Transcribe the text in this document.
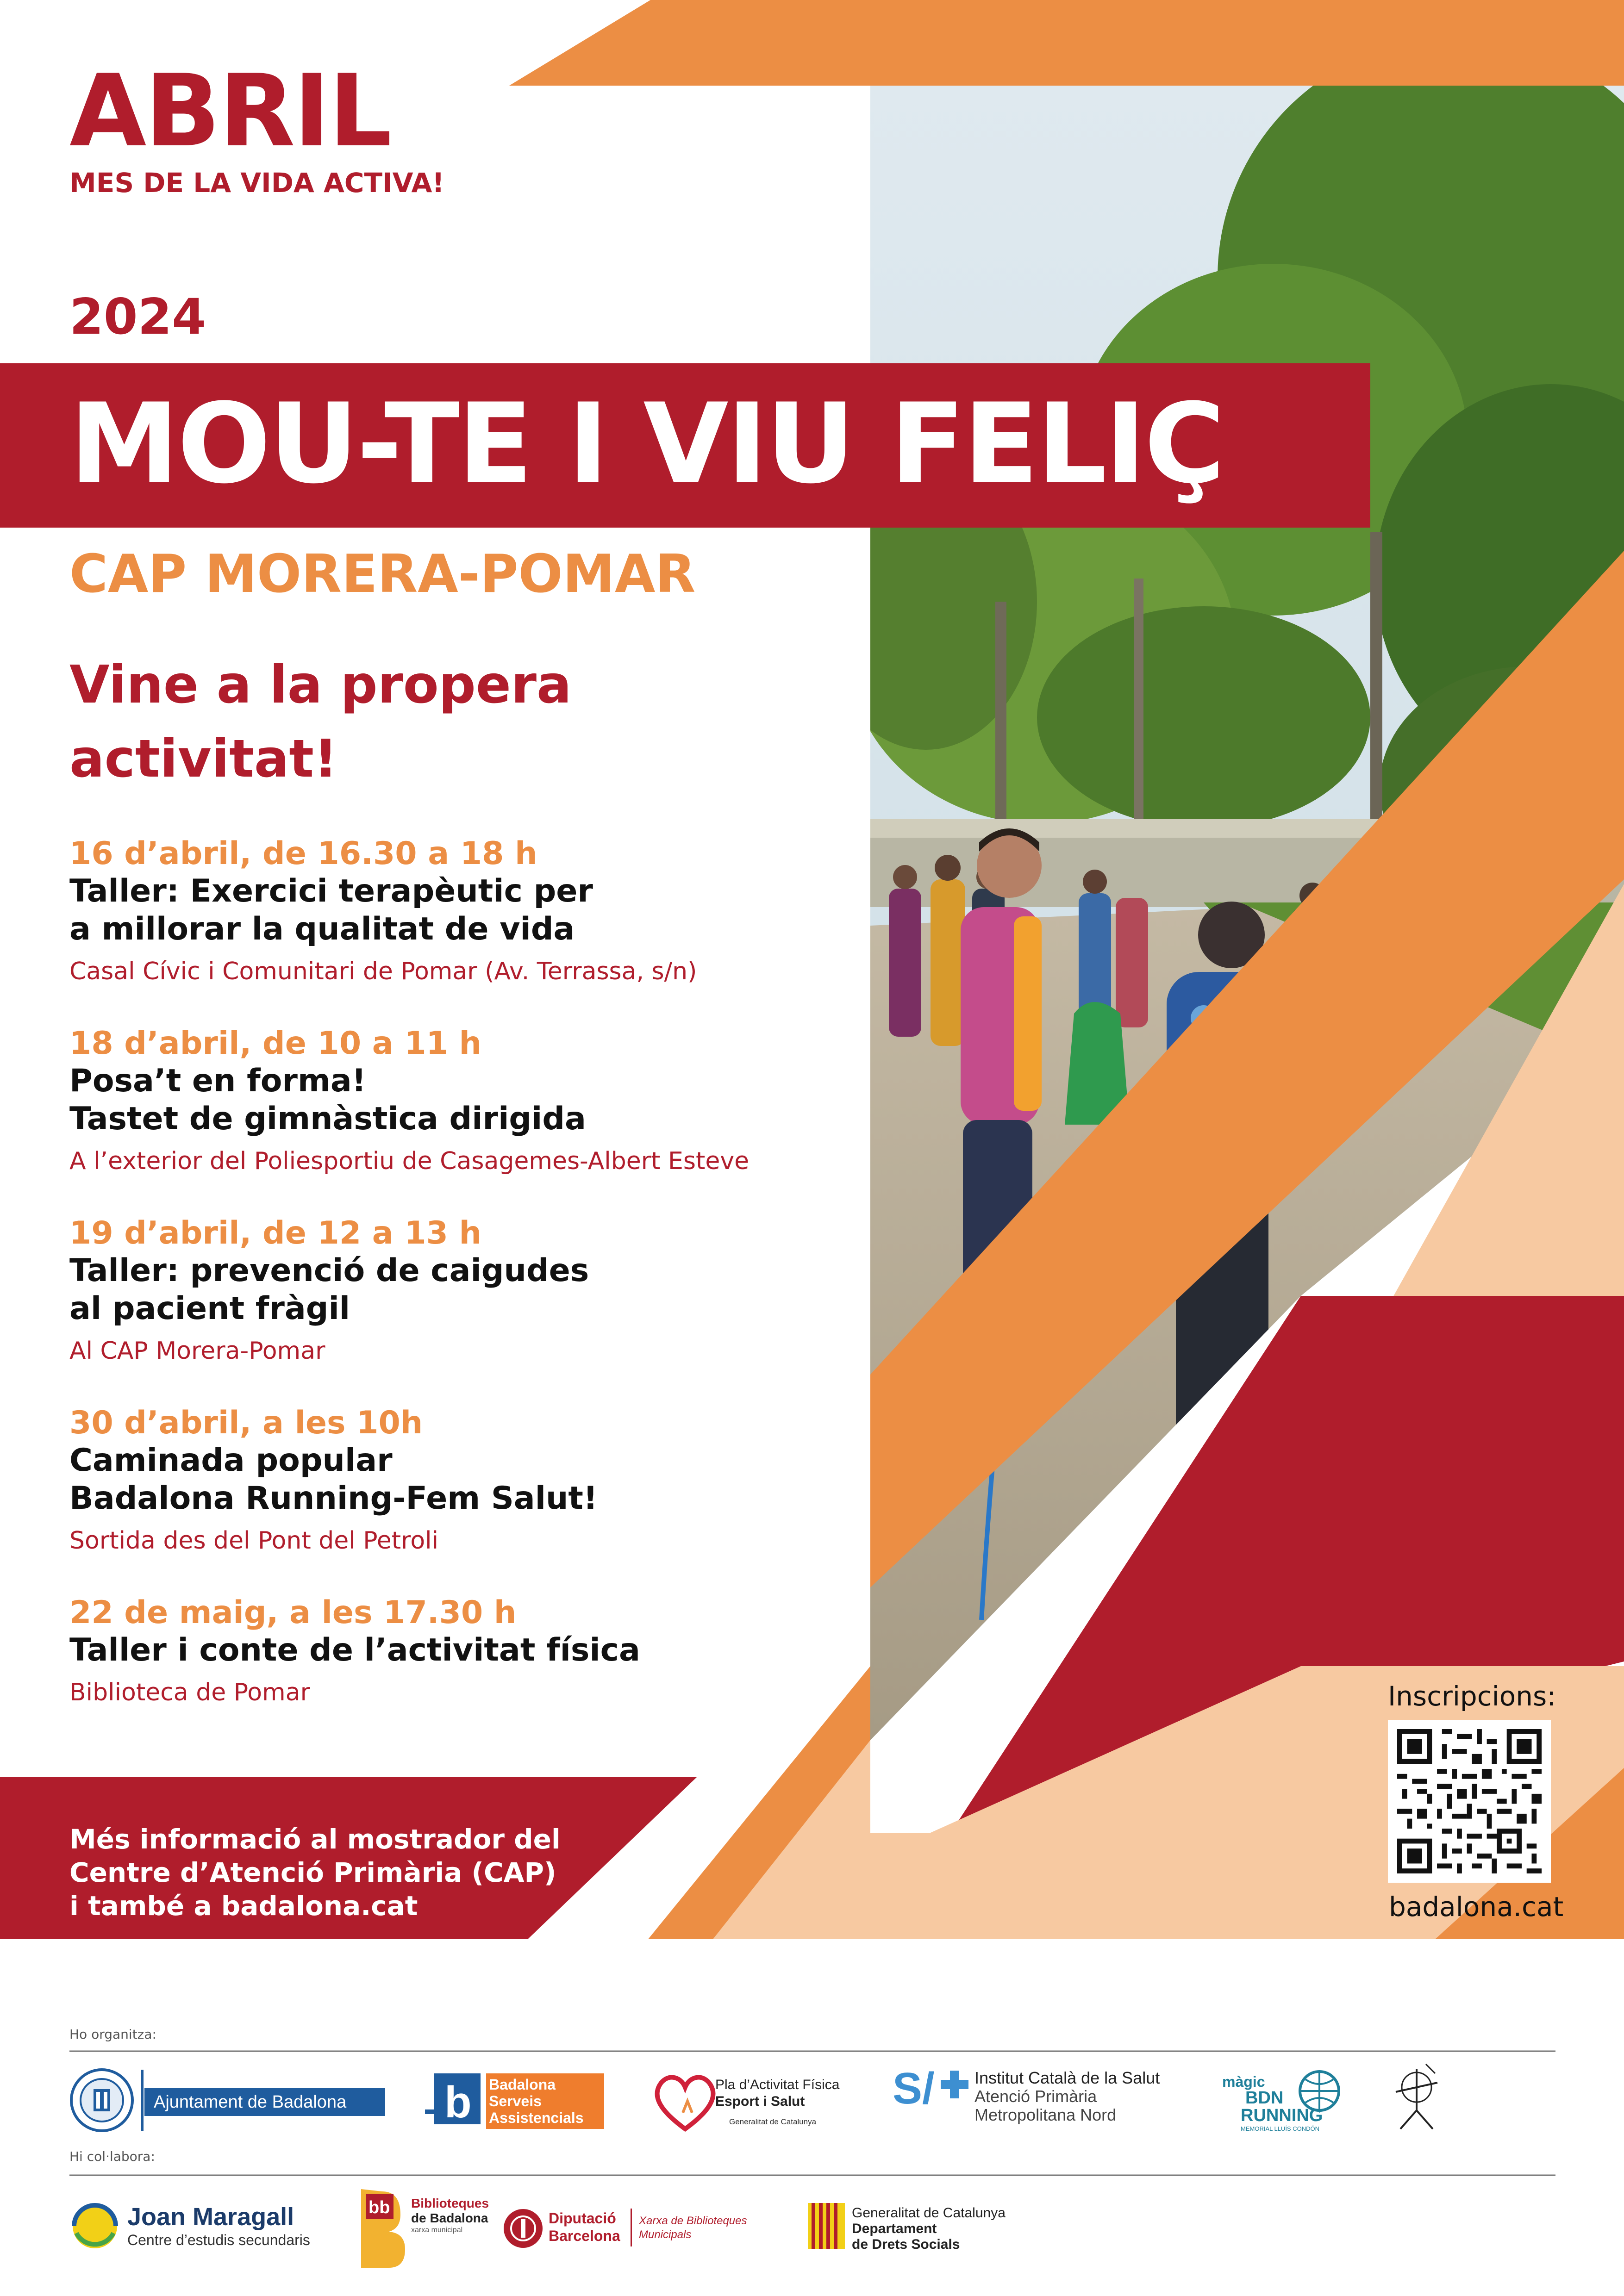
ABRIL
MES DE LA VIDA ACTIVA!
2024
MOU-TE I VIU FELIÇ
CAP MORERA-POMAR
Vine a la propera
activitat!
16 d’abril, de 16.30 a 18 h
Taller: Exercici terapèutic per
a millorar la qualitat de vida
Casal Cívic i Comunitari de Pomar (Av. Terrassa, s/n)
18 d’abril, de 10 a 11 h
Posa’t en forma!
Tastet de gimnàstica dirigida
A l’exterior del Poliesportiu de Casagemes-Albert Esteve
19 d’abril, de 12 a 13 h
Taller: prevenció de caigudes
al pacient fràgil
Al CAP Morera-Pomar
30 d’abril, a les 10h
Caminada popular
Badalona Running-Fem Salut!
Sortida des del Pont del Petroli
22 de maig, a les 17.30 h
Taller i conte de l’activitat física
Biblioteca de Pomar
Més informació al mostrador del
Centre d’Atenció Primària (CAP)
i també a badalona.cat
Inscripcions:
badalona.cat
Ho organitza:
Ajuntament de Badalona b Badalona
Serveis
Assistencials
Pla d’Activitat Física
Esport i Salut
Generalitat de Catalunya
S/ Institut Català de la Salut
Atenció Primària
Metropolitana Nord
màgic
BDN
RUNNING
MEMORIAL LLUÍS CONDÓN
Hi col·labora:
Joan Maragall
Centre d’estudis secundaris
bb Biblioteques
de Badalona
xarxa municipal
Diputació
Barcelona
Xarxa de Biblioteques
Municipals
Generalitat de Catalunya
Departament
de Drets Socials
